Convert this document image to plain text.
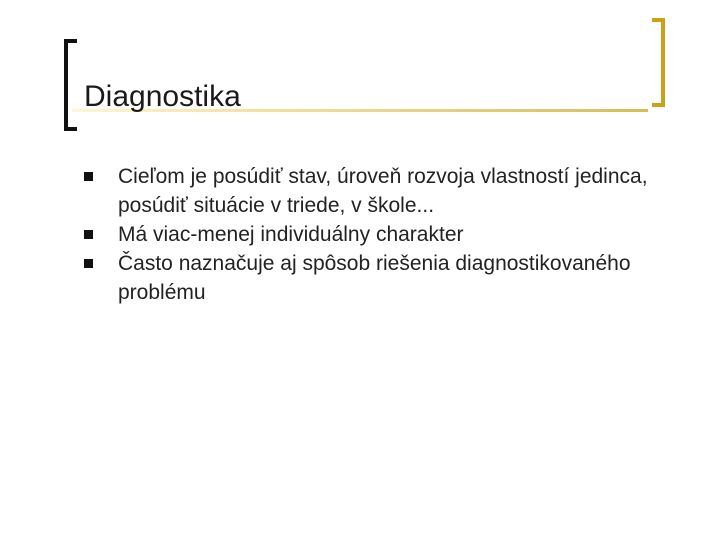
Diagnostika
Cieľom je posúdiť stav, úroveň rozvoja vlastností jedinca, posúdiť situácie v triede, v škole...
Má viac-menej individuálny charakter
Často naznačuje aj spôsob riešenia diagnostikovaného problému
